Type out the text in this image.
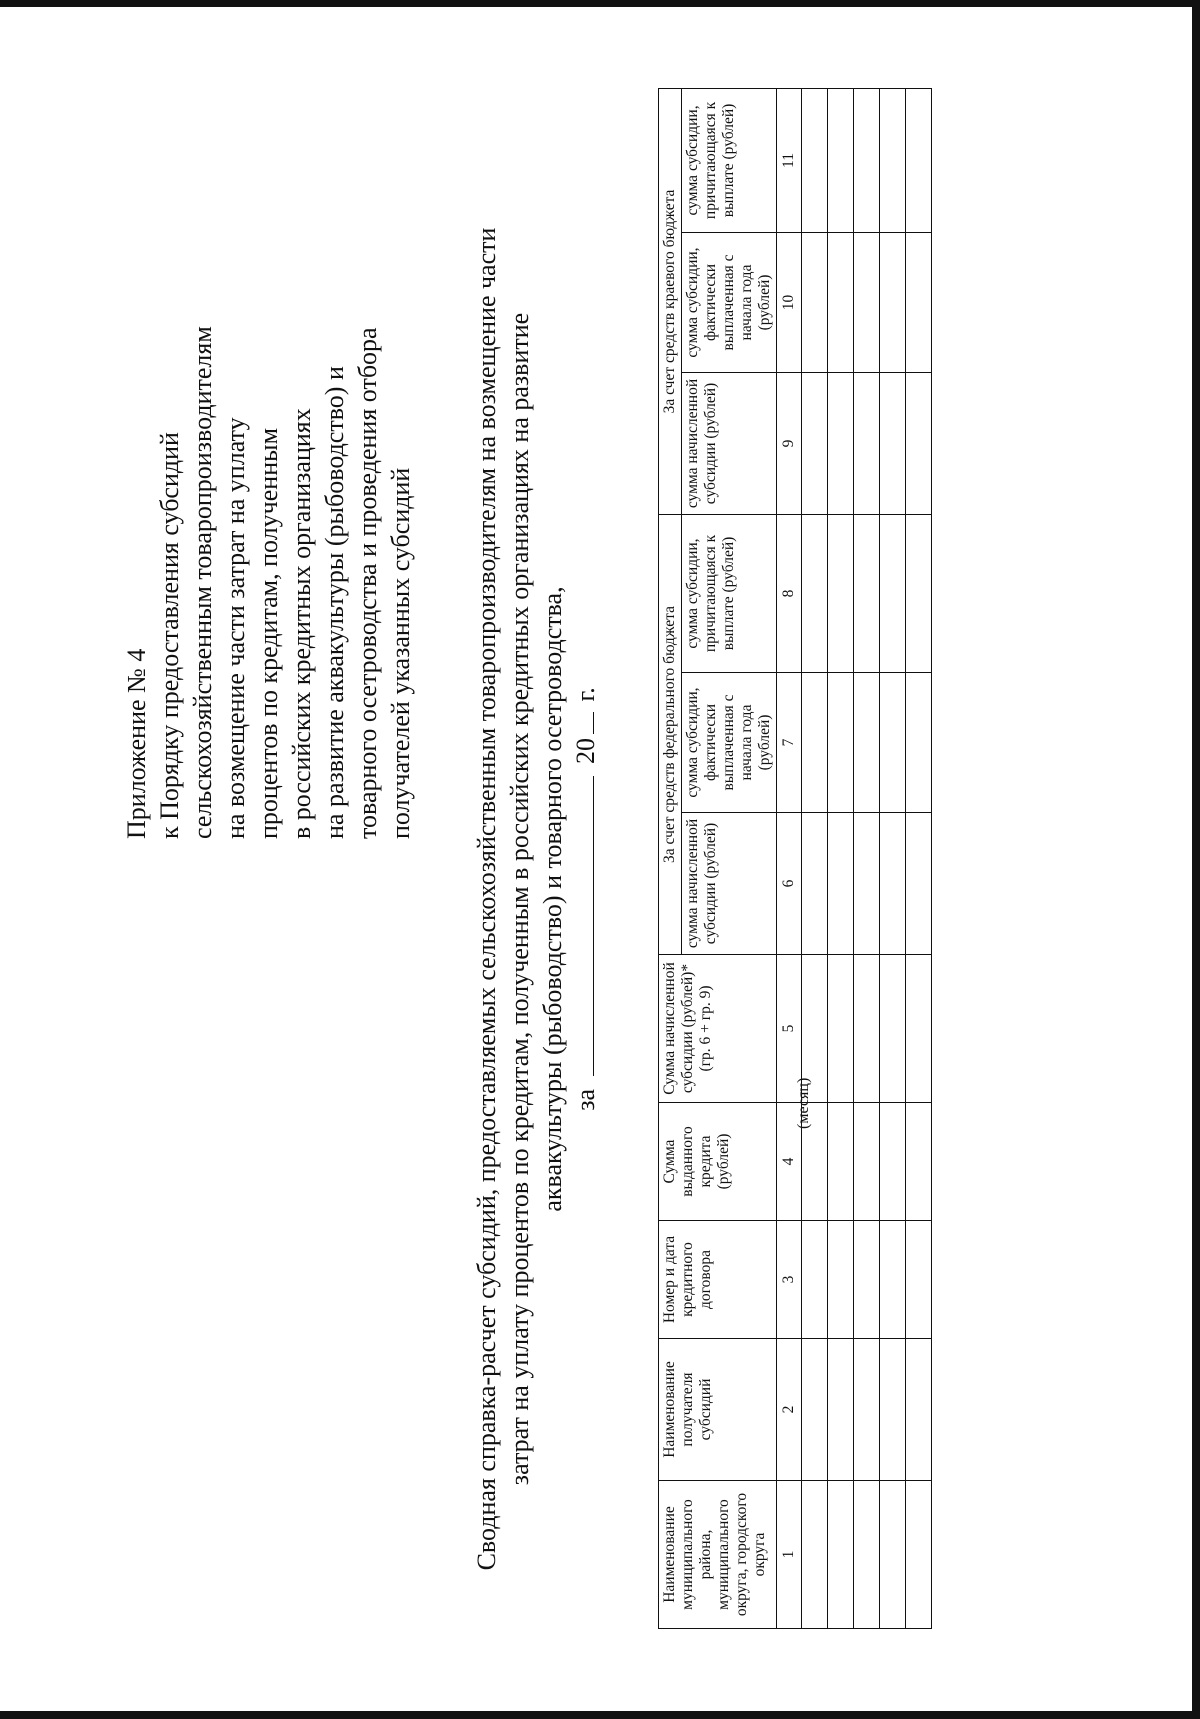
Приложение № 4 к Порядку предоставления субсидий сельскохозяйственным товаропроизводителям на возмещение части затрат на уплату процентов по кредитам, полученным в российских кредитных организациях на развитие аквакультуры (рыбоводство) и товарного осетроводства и проведения отбора получателей указанных субсидий Сводная справка-расчет субсидий, предоставляемых сельскохозяйственным товаропроизводителям на возмещение части затрат на уплату процентов по кредитам, полученным в российских кредитных организациях на развитие аквакультуры (рыбоводство) и товарного осетроводства, за  20 г.
(месяц)
Наименование муниципального района, муниципального округа, городского округа	Наименование получателя субсидий	Номер и дата кредитного договора	Сумма выданного кредита (рублей)	Сумма начисленной субсидии (рублей)* (гр. 6 + гр. 9)	За счет средств федерального бюджета			За счет средств краевого бюджета		
					сумма начисленной субсидии (рублей)	сумма субсидии, фактически выплаченная с начала года (рублей)	сумма субсидии, причитающаяся к выплате (рублей)	сумма начисленной субсидии (рублей)	сумма субсидии, фактически выплаченная с начала года (рублей)	сумма субсидии, причитающаяся к выплате (рублей)
1	2	3	4	5	6	7	8	9	10	11
